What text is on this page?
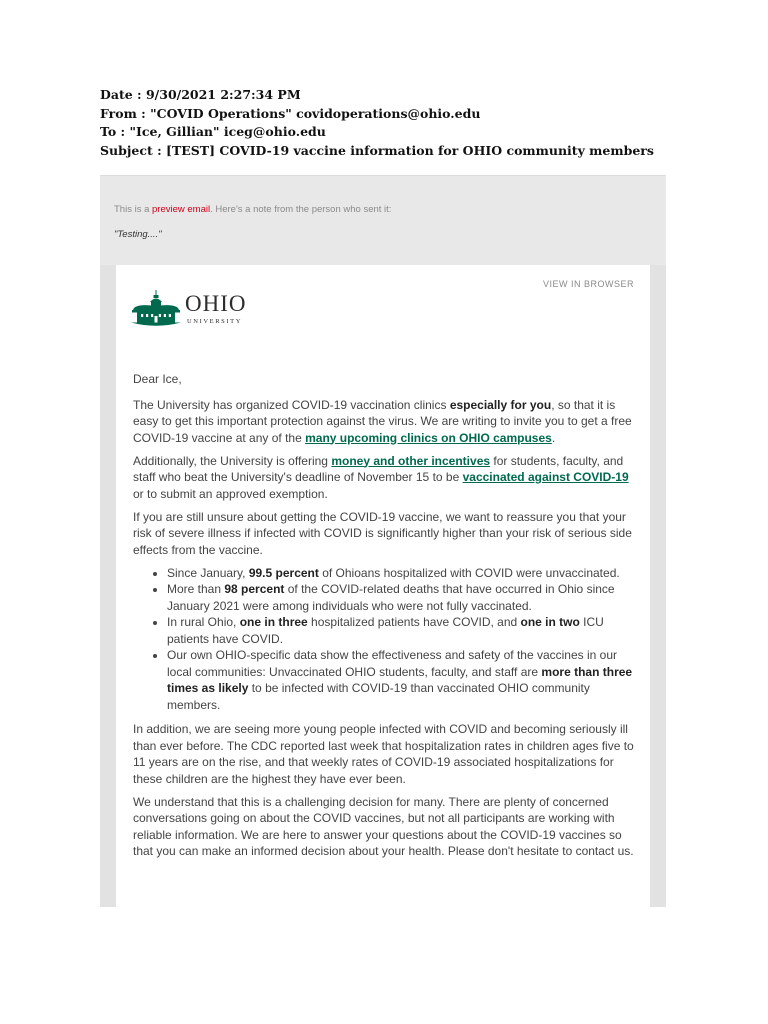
Date : 9/30/2021 2:27:34 PM
From : "COVID Operations" covidoperations@ohio.edu
To : "Ice, Gillian" iceg@ohio.edu
Subject : [TEST] COVID-19 vaccine information for OHIO community members
This is a preview email. Here's a note from the person who sent it:
"Testing...."
VIEW IN BROWSER
OHIO
UNIVERSITY

Dear Ice,

The University has organized COVID-19 vaccination clinics especially for you, so that it is easy to get this important protection against the virus. We are writing to invite you to get a free COVID-19 vaccine at any of the many upcoming clinics on OHIO campuses.

Additionally, the University is offering money and other incentives for students, faculty, and staff who beat the University's deadline of November 15 to be vaccinated against COVID-19 or to submit an approved exemption.

If you are still unsure about getting the COVID-19 vaccine, we want to reassure you that your risk of severe illness if infected with COVID is significantly higher than your risk of serious side effects from the vaccine.

• Since January, 99.5 percent of Ohioans hospitalized with COVID were unvaccinated.
• More than 98 percent of the COVID-related deaths that have occurred in Ohio since January 2021 were among individuals who were not fully vaccinated.
• In rural Ohio, one in three hospitalized patients have COVID, and one in two ICU patients have COVID.
• Our own OHIO-specific data show the effectiveness and safety of the vaccines in our local communities: Unvaccinated OHIO students, faculty, and staff are more than three times as likely to be infected with COVID-19 than vaccinated OHIO community members.

In addition, we are seeing more young people infected with COVID and becoming seriously ill than ever before. The CDC reported last week that hospitalization rates in children ages five to 11 years are on the rise, and that weekly rates of COVID-19 associated hospitalizations for these children are the highest they have ever been.

We understand that this is a challenging decision for many. There are plenty of concerned conversations going on about the COVID vaccines, but not all participants are working with reliable information. We are here to answer your questions about the COVID-19 vaccines so that you can make an informed decision about your health. Please don't hesitate to contact us.
